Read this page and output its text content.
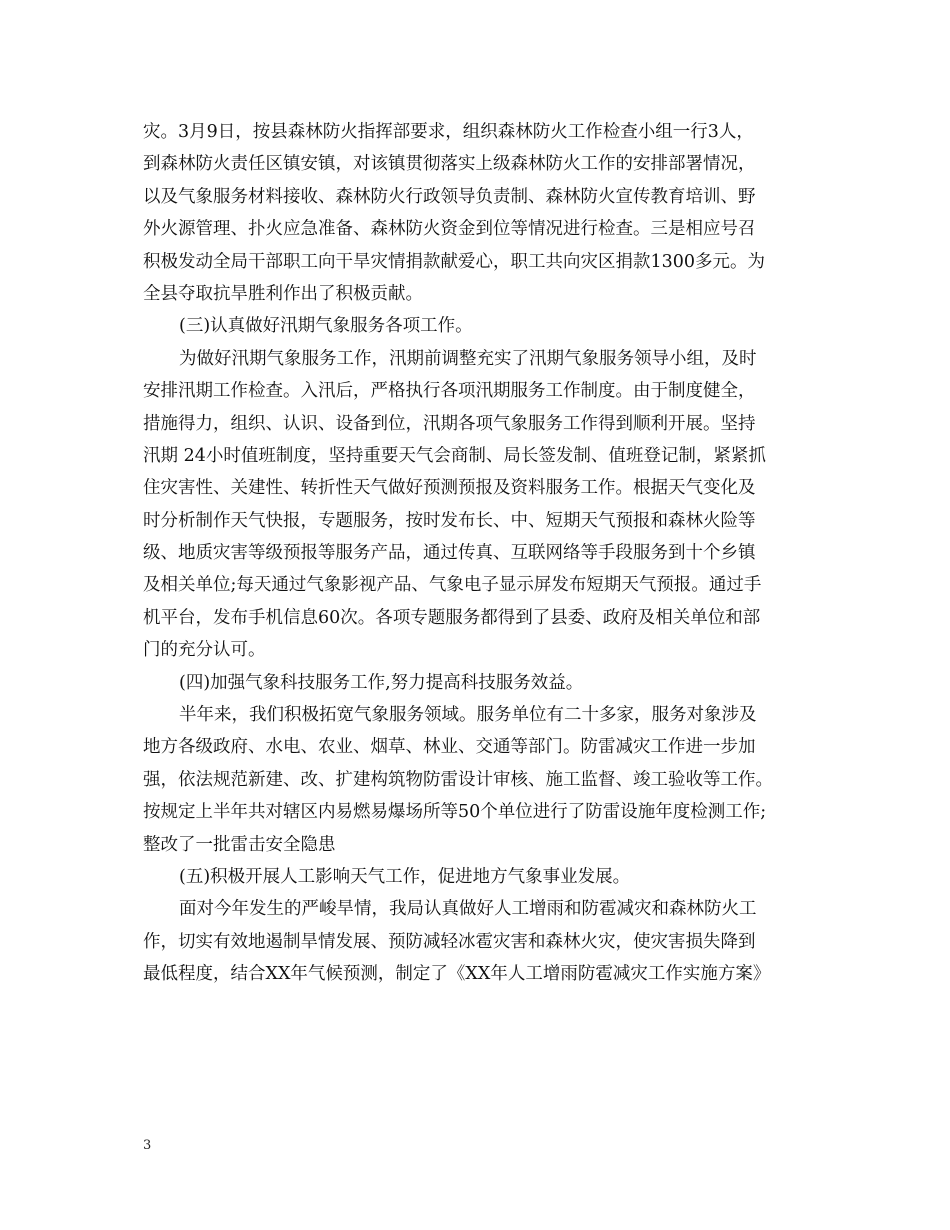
灾。3月9日，按县森林防火指挥部要求，组织森林防火工作检查小组一行3人，
到森林防火责任区镇安镇，对该镇贯彻落实上级森林防火工作的安排部署情况，
以及气象服务材料接收、森林防火行政领导负责制、森林防火宣传教育培训、野
外火源管理、扑火应急准备、森林防火资金到位等情况进行检查。三是相应号召
积极发动全局干部职工向干旱灾情捐款献爱心，职工共向灾区捐款1300多元。为
全县夺取抗旱胜利作出了积极贡献。
(三)认真做好汛期气象服务各项工作。
为做好汛期气象服务工作，汛期前调整充实了汛期气象服务领导小组，及时
安排汛期工作检查。入汛后，严格执行各项汛期服务工作制度。由于制度健全，
措施得力，组织、认识、设备到位，汛期各项气象服务工作得到顺利开展。坚持
汛期 24小时值班制度，坚持重要天气会商制、局长签发制、值班登记制，紧紧抓
住灾害性、关建性、转折性天气做好预测预报及资料服务工作。根据天气变化及
时分析制作天气快报，专题服务，按时发布长、中、短期天气预报和森林火险等
级、地质灾害等级预报等服务产品，通过传真、互联网络等手段服务到十个乡镇
及相关单位;每天通过气象影视产品、气象电子显示屏发布短期天气预报。通过手
机平台，发布手机信息60次。各项专题服务都得到了县委、政府及相关单位和部
门的充分认可。
(四)加强气象科技服务工作,努力提高科技服务效益。
半年来，我们积极拓宽气象服务领域。服务单位有二十多家，服务对象涉及
地方各级政府、水电、农业、烟草、林业、交通等部门。防雷减灾工作进一步加
强，依法规范新建、改、扩建构筑物防雷设计审核、施工监督、竣工验收等工作。
按规定上半年共对辖区内易燃易爆场所等50个单位进行了防雷设施年度检测工作;
整改了一批雷击安全隐患
(五)积极开展人工影响天气工作，促进地方气象事业发展。
面对今年发生的严峻旱情，我局认真做好人工增雨和防雹减灾和森林防火工
作，切实有效地遏制旱情发展、预防减轻冰雹灾害和森林火灾，使灾害损失降到
最低程度，结合XX年气候预测，制定了《XX年人工增雨防雹减灾工作实施方案》
3
